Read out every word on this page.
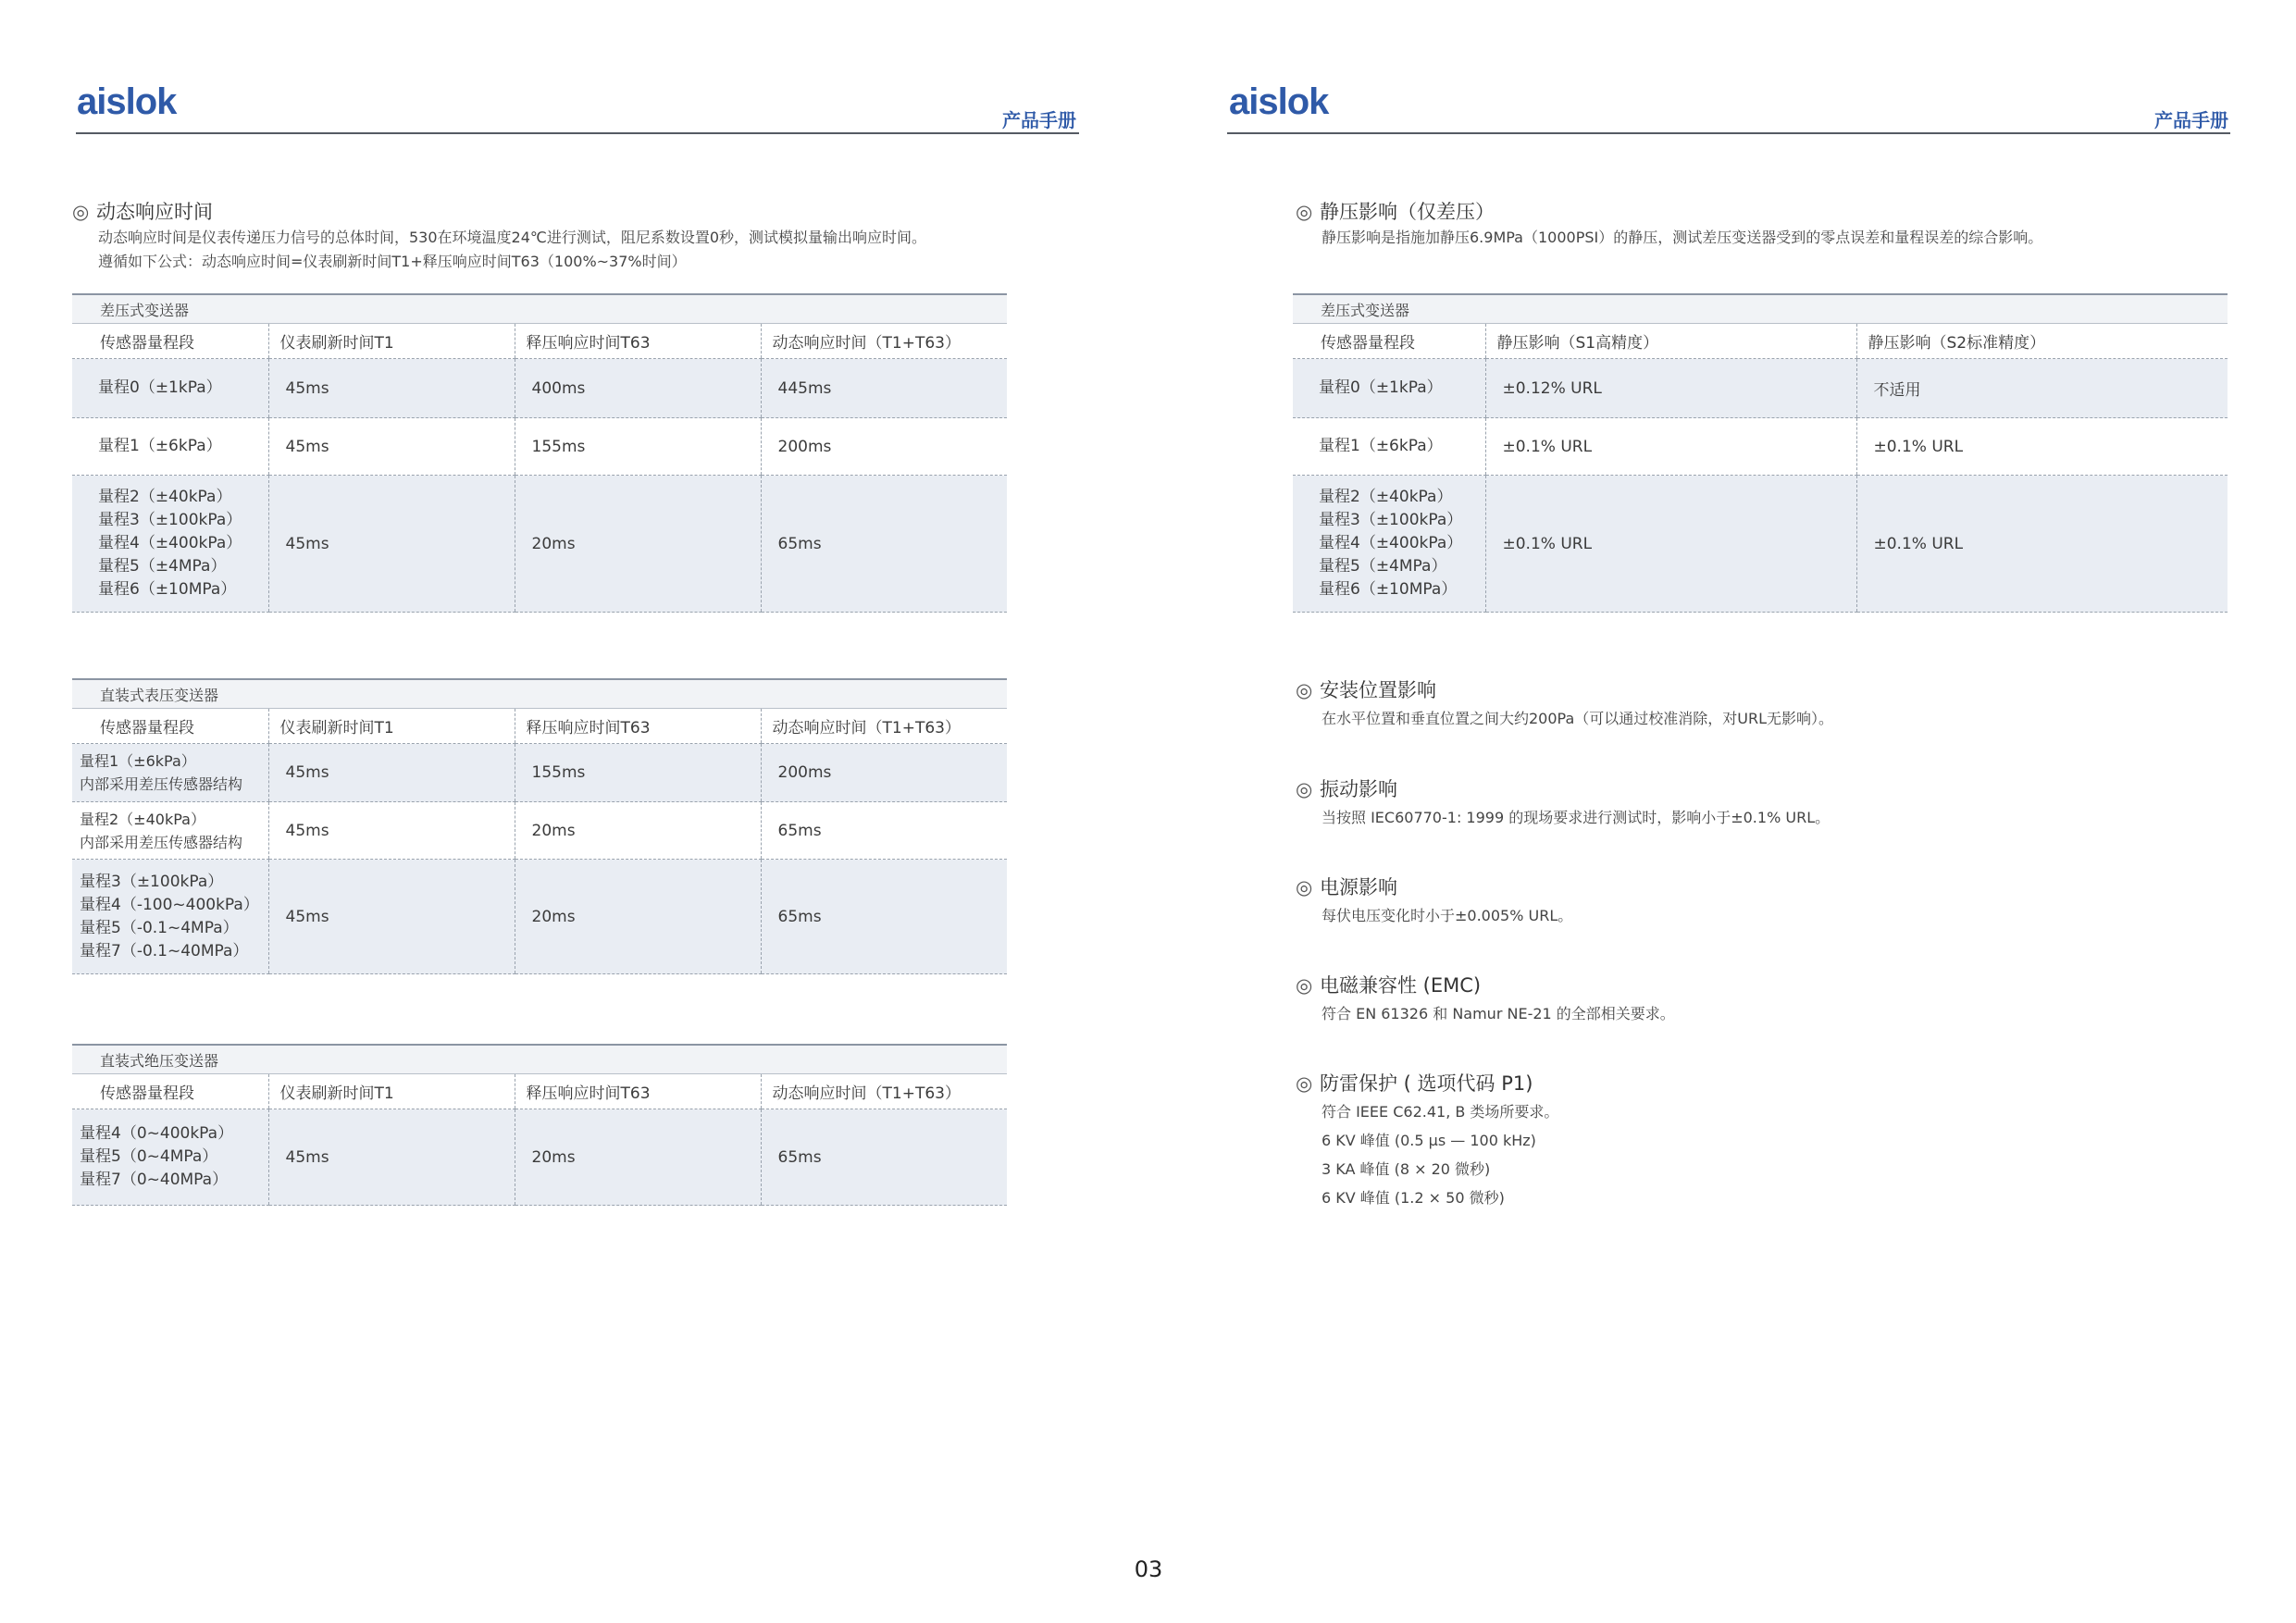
aislok	产品手册
◎ 动态响应时间
动态响应时间是仪表传递压力信号的总体时间，530在环境温度24℃进行测试，阻尼系数设置0秒，测试模拟量输出响应时间。
遵循如下公式：动态响应时间=仪表刷新时间T1+释压响应时间T63（100%~37%时间）
差压式变送器			
传感器量程段	仪表刷新时间T1	释压响应时间T63	动态响应时间（T1+T63）

量程0（±1kPa）	45ms	400ms	445ms

量程1（±6kPa）	45ms	155ms	200ms

量程2（±40kPa）
量程3（±100kPa）
量程4（±400kPa）
量程5（±4MPa）
量程6（±10MPa）	45ms	20ms	65ms
直装式表压变送器			
传感器量程段	仪表刷新时间T1	释压响应时间T63	动态响应时间（T1+T63）

量程1（±6kPa）
内部采用差压传感器结构	45ms	155ms	200ms

量程2（±40kPa）
内部采用差压传感器结构	45ms	20ms	65ms

量程3（±100kPa）
量程4（-100~400kPa）
量程5（-0.1~4MPa）
量程7（-0.1~40MPa）	45ms	20ms	65ms
直装式绝压变送器			
传感器量程段	仪表刷新时间T1	释压响应时间T63	动态响应时间（T1+T63）

量程4（0~400kPa）
量程5（0~4MPa）
量程7（0~40MPa）	45ms	20ms	65ms
aislok	产品手册
◎ 静压影响（仅差压）
静压影响是指施加静压6.9MPa（1000PSI）的静压，测试差压变送器受到的零点误差和量程误差的综合影响。
差压式变送器		
传感器量程段	静压影响（S1高精度）	静压影响（S2标准精度）

量程0（±1kPa）	±0.12% URL	不适用

量程1（±6kPa）	±0.1% URL	±0.1% URL

量程2（±40kPa）
量程3（±100kPa）
量程4（±400kPa）
量程5（±4MPa）
量程6（±10MPa）	±0.1% URL	±0.1% URL
◎ 安装位置影响
在水平位置和垂直位置之间大约200Pa（可以通过校准消除，对URL无影响）。
◎ 振动影响
当按照 IEC60770-1: 1999 的现场要求进行测试时，影响小于±0.1% URL。
◎ 电源影响
每伏电压变化时小于±0.005% URL。
◎ 电磁兼容性 (EMC)
符合 EN 61326 和 Namur NE-21 的全部相关要求。
◎ 防雷保护 ( 选项代码 P1)
符合 IEEE C62.41, B 类场所要求。
6 KV 峰值 (0.5 μs — 100 kHz)
3 KA 峰值 (8 × 20 微秒)
6 KV 峰值 (1.2 × 50 微秒)
03
